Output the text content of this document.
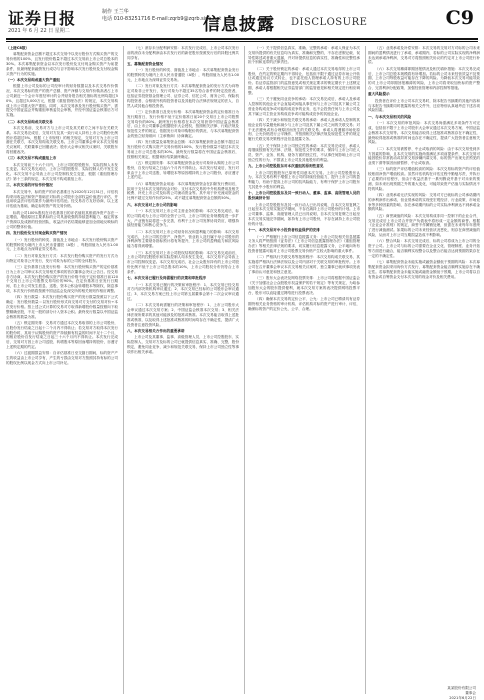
证券日报
2021 年 6 月 22 日 星期二
制作 王兰华
电话 010-83251716 E-mail:zqrb9@zqrb.sina.net
信息披露 DISCLOSURE	C9

（上接C8版）

募集配套资金总额不超过本次交易中以发行股份方式购买资产的交易价格的100%，且发行股份数量不超过本次交易前上市公司总股本的30%。本次募集配套资金以本次发行股份及支付现金购买资产为前提条件，但最终配套融资发行成功与否不影响本次发行股份及支付现金购买资产行为的实施。

（一）本次交易构成重大资产重组

根据上市公司及标的公司经审计的财务数据以及本次交易作价情况，本次交易标的资产的资产总额、资产净额与交易作价孰高者占上市公司最近一个会计年度经审计的合并财务报告相关指标的比例均超过50%，且超过5,000万元，根据《重组管理办法》的规定，本次交易构成上市公司重大资产重组。同时，本次交易涉及发行股份购买资产，需提交中国证监会并购重组审核委员会审核，并经中国证监会核准后方可实施。

（二）本次交易构成关联交易

本次交易前，交易对方与上市公司及其关联方之间不存在关联关系。本次交易完成后，交易对方及其一致行动人持有上市公司股份比例预计将超过5%，根据《上市规则》的相关规定，交易对方为上市公司潜在关联方，本次交易构成关联交易。上市公司董事会审议本次交易相关议案时，关联董事已回避表决；股东大会审议相关议案时，关联股东将回避表决。

（三）本次交易不构成重组上市

本次交易前三十六个月内，上市公司的控股股东、实际控制人未发生变更。本次交易完成后，上市公司控股股东、实际控制人仍不发生变化。本次交易不会导致上市公司控制权发生变更，根据《重组管理办法》第十三条的规定，本次交易不构成重组上市。

三、本次交易的评估作价情况

本次交易中，标的资产的评估基准日为2020年12月31日，评估机构采用收益法和资产基础法对标的公司股东全部权益价值进行评估，并选用收益法评估结果作为最终评估结论。经交易各方友好协商，以上述评估值为基础，确定标的资产的交易价格。

标的公司100%股权在评估基准日的评估值较其账面净资产存在一定增值，增值原因主要系标的公司具备较强的持续盈利能力、稳定的客户资源以及成熟的经营团队，收益法评估结果能够更加全面地反映标的公司的整体价值。

四、发行股份及支付现金购买资产情况

（一）发行股份的种类、面值及上市地点：本次发行股份购买资产的股票种类为境内上市人民币普通股（A股），每股面值为人民币1.00元，上市地点为深圳证券交易所。

（二）发行对象及发行方式：本次发行股份购买资产的发行方式为向特定对象非公开发行，发行对象为标的公司的全体股东。

（三）定价基准日及发行价格：本次发行股份购买资产的定价基准日为上市公司审议本次交易相关事项的首次董事会决议公告日。经交易各方协商，本次发行股份购买资产的发行价格不低于定价基准日前120个交易日上市公司股票交易均价的90%。在定价基准日至发行日期间，若上市公司发生派息、送股、资本公积金转增股本等除权、除息事项，本次发行价格将按照中国证监会及深交所的相关规则作相应调整。

（四）发行数量：本次发行股份购买资产的发行数量按照以下公式确定：发行股份数量＝以发行股份形式向交易对方支付的交易对价÷本次发行价格。按上述公式计算的交易对方取得新增股份数量按照向下取整精确至股，不足一股的部分计入资本公积。最终发行数量以中国证监会核准的数量为准。

（五）锁定期安排：交易对方通过本次交易取得的上市公司股份，自股份发行结束之日起十二个月内不得转让；若交易对方取得本次发行的股份时，其用于认购股份的资产持续拥有权益的时间不足十二个月，则相应股份自发行结束之日起三十六个月内不得转让。本次发行完成后，交易对方因上市公司送股、转增股本等原因而增持的股份，亦遵守上述锁定期的约定。

（六）过渡期损益安排：自评估基准日至交割日期间，标的资产产生的收益由上市公司享有，产生的亏损由交易对方按照其持有标的公司的股权比例以现金方式向上市公司补足。

（七）滚存未分配利润安排：本次发行完成后，上市公司本次发行前的滚存未分配利润由本次发行后的新老股东按照发行后的持股比例共同享有。

五、募集配套资金情况

（一）发行股份的种类、面值及上市地点：本次募集配套资金发行的股票种类为境内上市人民币普通股（A股），每股面值为人民币1.00元，上市地点为深圳证券交易所。

（二）发行对象及发行方式：本次募集配套资金的发行方式为向特定对象非公开发行，发行对象为不超过35名符合条件的特定投资者，包括证券投资基金管理公司、证券公司、信托公司、财务公司、保险机构投资者、合格境外机构投资者以及其他符合法律法规规定的法人、自然人或其他合格投资者。

（三）定价基准日及发行价格：本次募集配套资金的定价基准日为发行期首日，发行价格不低于定价基准日前20个交易日上市公司股票交易均价的80%。最终发行价格将在本次交易获得中国证监会核准后，由上市公司董事会根据股东大会授权，按照相关法律、行政法规及规范性文件的规定，依据发行对象申购报价的情况，与本次募集配套资金的独立财务顾问（主承销商）协商确定。

（四）发行数量及募集资金总额：本次募集配套资金总额不超过以发行股份方式购买资产交易价格的100%，发行股份数量不超过本次交易前上市公司总股本的30%。最终发行数量将在中国证监会核准后，按照相关规定，根据询价结果最终确定。

（五）锁定期安排：本次募集配套资金发行对象所认购的上市公司股份，自发行结束之日起六个月内不得转让。本次发行结束后，发行对象由于上市公司送股、转增股本等原因增持的上市公司股份，亦应遵守上述约定。

（六）募集配套资金用途：本次募集配套资金在扣除发行费用后，拟用于支付本次交易的现金对价、支付本次交易的中介机构费用及相关税费、补充上市公司及标的公司流动资金等。其中用于补充流动资金的比例不超过交易作价的25%，或不超过募集配套资金总额的50%。

六、本次交易对上市公司的影响

（一）本次交易对上市公司主营业务的影响：本次交易完成后，标的公司将成为上市公司的全资子公司，上市公司的业务规模将进一步扩大，产业链布局将进一步完善，有利于上市公司发挥协同效应，增强持续经营能力和核心竞争力。

（二）本次交易对上市公司财务状况和盈利能力的影响：本次交易完成后，上市公司的总资产、净资产、营业收入及归属于母公司股东的净利润等主要财务指标预计将有所提升，上市公司的盈利能力和抗风险能力将得到增强。

（三）本次交易对上市公司股权结构的影响：本次交易完成前后，上市公司的控股股东和实际控制人均未发生变化，本次交易不会导致上市公司控制权变更。本次交易完成后，社会公众股东持有的上市公司股份比例不低于上市公司总股本的10%，上市公司股权分布仍符合上市条件。

七、本次交易已履行及尚需履行的决策和审批程序

（一）本次交易已履行的决策和审批程序：1、本次交易已经交易对方内部决策机构审议通过；2、本次交易已经标的公司股东会审议通过；3、本次交易方案已经上市公司第五届董事会第十二次会议审议通过。

（二）本次交易尚需履行的决策和审批程序：1、上市公司股东大会审议通过本次交易方案；2、中国证监会核准本次交易；3、相关法律法规所要求的其他可能涉及的批准或核准。本次交易能否取得上述批准或核准，以及取得上述批准或核准的时间均存在不确定性，提请广大投资者注意投资风险。

八、本次交易相关方作出的重要承诺

上市公司及其董事、监事、高级管理人员，上市公司控股股东、实际控制人，交易对方及标的公司已就提供信息真实、准确、完整，股份锁定，避免同业竞争，减少和规范关联交易，保持上市公司独立性等事项作出相关承诺。

（一）关于提供信息真实、准确、完整的承诺：承诺人保证为本次交易所提供的有关信息均为真实、准确和完整的，不存在虚假记载、误导性陈述或者重大遗漏，并对所提供信息的真实性、准确性和完整性承担个别和连带的法律责任。

（二）关于股份锁定的承诺：承诺人通过本次交易取得的上市公司股份，在约定的锁定期内不得转让，包括但不限于通过证券市场公开转让或通过协议方式转让，也不委托他人管理承诺人持有的上市公司股份。若证券监管部门的监管意见或相关规定要求的锁定期长于上述锁定期，承诺人将根据相关证券监管部门的监管意见和相关规定进行相应调整。

（三）关于避免同业竞争的承诺：本次交易完成后，承诺人及承诺人控制的其他企业不会直接或间接从事任何与上市公司及其下属公司主营业务构成竞争或可能构成竞争的业务，也不会投资任何与上市公司及其下属公司主营业务构成竞争或可能构成竞争的其他企业。

（四）关于减少和规范关联交易的承诺：承诺人及承诺人控制的其他企业将尽量避免和减少与上市公司及其下属公司之间的关联交易；对于无法避免或有合理原因而发生的关联交易，承诺人将遵循市场化原则、公允价格进行公平操作，并按照相关法律法规及规范性文件的规定履行关联交易决策程序及信息披露义务。

（五）关于保持上市公司独立性的承诺：本次交易完成后，承诺人将继续按照有关法律、法规、规范性文件的要求，保持与上市公司在人员、资产、业务、机构、财务方面的独立性，不从事任何影响上市公司独立性的行为，不损害上市公司及其他股东的利益。

九、上市公司控股股东对本次重组的原则性意见

上市公司控股股东已原则性同意本次交易。上市公司控股股东认为，本次交易有利于增强上市公司的持续经营能力，提升上市公司的盈利能力，有助于提高上市公司的抗风险能力，有利于保护上市公司股东尤其是中小股东的利益。

十、上市公司控股股东及其一致行动人、董事、监事、高级管理人员的股份减持计划

上市公司控股股东及其一致行动人已出具说明，自本次交易复牌之日起至本次交易实施完毕期间，不存在减持上市公司股份的计划。上市公司董事、监事、高级管理人员已出具说明，自本次交易复牌之日起至本次交易实施完毕期间，如持有上市公司股份，不存在减持上市公司股份的计划。

十一、本次交易对中小投资者权益保护的安排

（一）严格履行上市公司信息披露义务：上市公司及相关信息披露义务人将严格按照《证券法》《上市公司信息披露管理办法》《重组管理办法》等相关法律法规的要求，切实履行信息披露义务，公平地向所有投资者披露可能对上市公司股票交易价格产生较大影响的重大事件。

（二）严格执行关联交易等批准程序：本次交易构成关联交易，其实施将严格执行法律法规以及公司内部对于关联交易的审批程序。上市公司在召开董事会审议本次交易相关议案时，独立董事已就该事项发表了事前认可意见和独立意见。

（三）股东大会表决及网络投票安排：上市公司将根据中国证监会《关于加强社会公众股股东权益保护的若干规定》等有关规定，为给参加股东大会的股东提供便利，就本次交易方案的表决提供网络投票平台，股东可以直接通过网络进行投票表决。

（四）确保本次交易的定价公平、公允：上市公司已聘请具有证券期货相关业务资格的审计机构、评估机构对标的资产进行审计、评估，确保标的资产的定价公允、公平、合理。

（五）业绩承诺及补偿安排：本次交易的交易对方对标的公司未来期间的盈利情况进行了承诺，承诺期内，若标的公司实际实现的净利润未达到承诺净利润，交易对方将按照相关协议的约定对上市公司进行补偿。

（六）本次交易摊薄即期回报情况及相关填补措施：本次交易完成后，上市公司总股本规模将有所增加。若标的公司未来经营效益不及预期，上市公司每股收益可能存在下降的风险。为降低本次交易可能导致的对上市公司即期回报摊薄的风险，上市公司将采取加快标的资产整合、完善利润分配政策、加强经营管理和内部控制等措施。

重大风险提示

投资者在评价上市公司本次交易时，除本报告书摘要的其他内容和与本报告书摘要同时披露的相关文件外，还应特别认真地考虑下述各项风险因素。

一、与本次交易相关的风险

（一）本次交易的审批风险：本次交易尚需满足多项条件方可完成，包括但不限于上市公司股东大会审议通过本次交易方案、中国证监会核准本次交易等。本次交易能否取得上述批准或核准存在不确定性，最终取得批准或核准的时间也存在不确定性，提请广大投资者注意相关风险。

（二）本次交易被暂停、中止或取消的风险：由于本次交易受到多方因素的影响，且本次交易的实施尚需满足多项前提条件，本次交易可能因股价异常波动或异常交易涉嫌内幕交易、标的资产出现无法预见的业绩下滑等原因而被暂停、中止或取消。

（三）标的资产评估增值较高的风险：本次交易标的资产的评估值较账面净资产增值较高。虽然评估机构在评估过程中勤勉尽责，并执行了必要的评估程序，但由于收益法基于一系列假设并基于对未来的预测，如未来出现预期之外的重大变化，可能导致资产估值与实际情况不符的风险。

（四）业绩承诺无法实现的风险：交易对方已就标的公司承诺期内的净利润作出承诺，但业绩承诺的实现受宏观经济、行业政策、市场竞争等多种因素的影响，存在承诺期内标的公司实际净利润达不到承诺金额的风险。

（五）商誉减值的风险：本次交易构成非同一控制下的企业合并，交易完成后上市公司合并资产负债表中将形成一定金额的商誉。根据《企业会计准则》的规定，商誉不作摊销处理，但需在未来每年年度终了进行减值测试。如果标的公司未来经营状况恶化，则存在商誉减值的风险，从而对上市公司当期损益造成不利影响。

（六）整合风险：本次交易完成后，标的公司将成为上市公司的全资子公司。上市公司与标的公司需要在企业文化、管理制度、业务开拓等方面进行融合，能否顺利实现整合以及整合后能否达到预期效果存在一定的不确定性。

（七）募集配套资金未能实施或融资金额低于预期的风险：本次募集配套资金拟采用询价方式发行，募集配套资金能否顺利实施存在不确定性。若募集配套资金未能实施或融资金额低于预期，上市公司将以自有资金或自筹资金支付本次交易的现金对价及相关费用。

某某股份有限公司
董事会
2021年6月22日
